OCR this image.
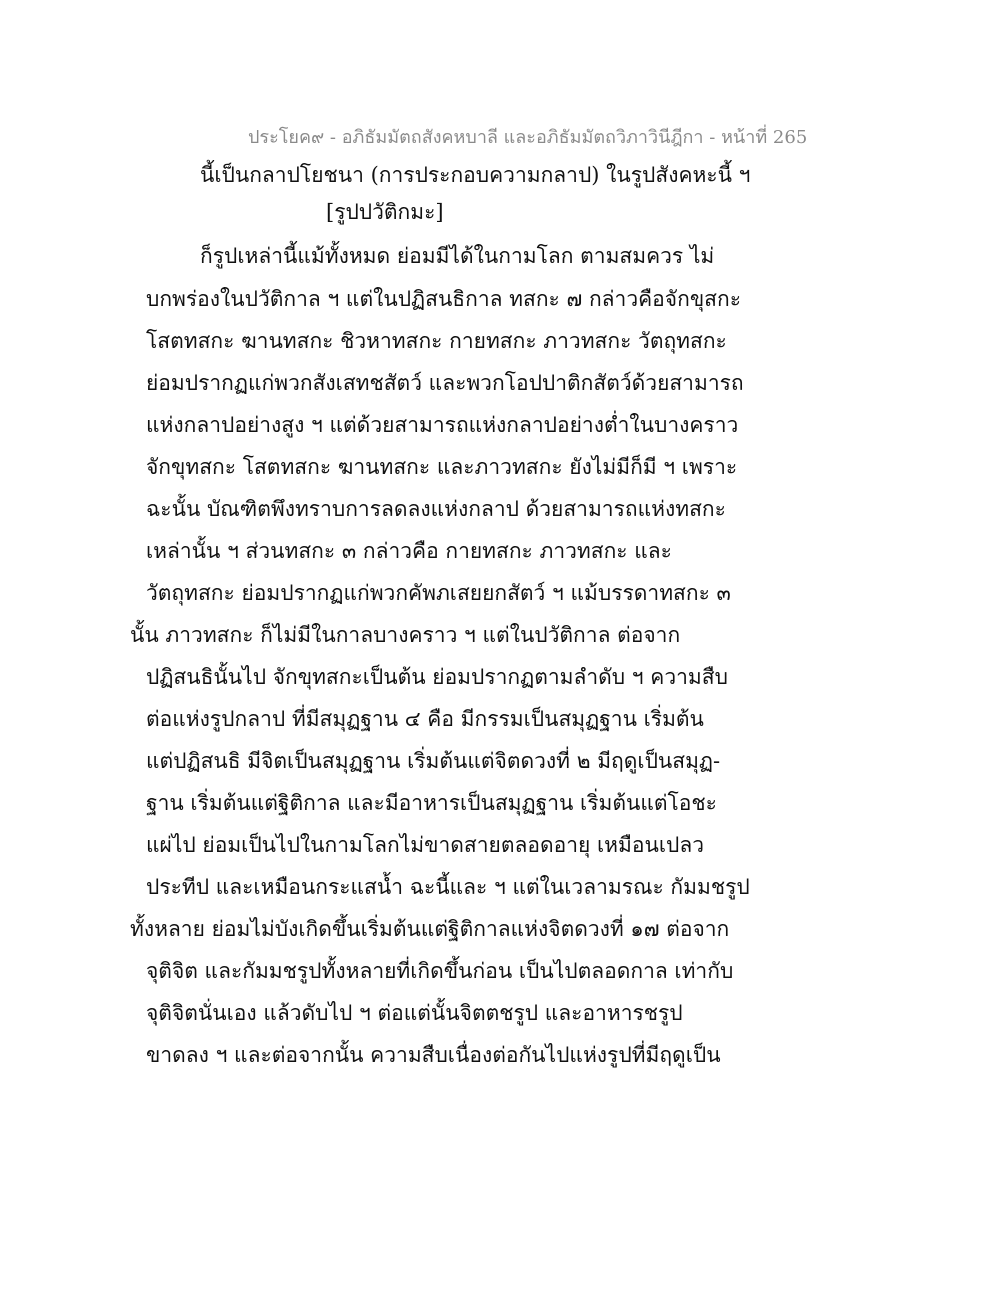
ประโยค๙ - อภิธัมมัตถสังคหบาลี และอภิธัมมัตถวิภาวินีฎีกา - หน้าที่ 265
นี้เป็นกลาปโยชนา (การประกอบความกลาป) ในรูปสังคหะนี้ ฯ
[รูปปวัติกมะ]
ก็รูปเหล่านี้แม้ทั้งหมด ย่อมมีได้ในกามโลก ตามสมควร ไม่
บกพร่องในปวัติกาล ฯ แต่ในปฏิสนธิกาล ทสกะ ๗ กล่าวคือจักขุสกะ
โสตทสกะ ฆานทสกะ ชิวหาทสกะ กายทสกะ ภาวทสกะ วัตถุทสกะ
ย่อมปรากฏแก่พวกสังเสทชสัตว์ และพวกโอปปาติกสัตว์ด้วยสามารถ
แห่งกลาปอย่างสูง ฯ แต่ด้วยสามารถแห่งกลาปอย่างต่ำในบางคราว
จักขุทสกะ โสตทสกะ ฆานทสกะ และภาวทสกะ ยังไม่มีก็มี ฯ เพราะ
ฉะนั้น บัณฑิตพึงทราบการลดลงแห่งกลาป ด้วยสามารถแห่งทสกะ
เหล่านั้น ฯ ส่วนทสกะ ๓ กล่าวคือ กายทสกะ ภาวทสกะ และ
วัตถุทสกะ ย่อมปรากฏแก่พวกคัพภเสยยกสัตว์ ฯ แม้บรรดาทสกะ ๓
นั้น ภาวทสกะ ก็ไม่มีในกาลบางคราว ฯ แต่ในปวัติกาล ต่อจาก
ปฏิสนธินั้นไป จักขุทสกะเป็นต้น ย่อมปรากฏตามลำดับ ฯ ความสืบ
ต่อแห่งรูปกลาป ที่มีสมุฏฐาน ๔ คือ มีกรรมเป็นสมุฏฐาน เริ่มต้น
แต่ปฏิสนธิ มีจิตเป็นสมุฏฐาน เริ่มต้นแต่จิตดวงที่ ๒ มีฤดูเป็นสมุฏ-
ฐาน เริ่มต้นแต่ฐิติกาล และมีอาหารเป็นสมุฏฐาน เริ่มต้นแต่โอชะ
แผ่ไป ย่อมเป็นไปในกามโลกไม่ขาดสายตลอดอายุ เหมือนเปลว
ประทีป และเหมือนกระแสน้ำ ฉะนี้และ ฯ แต่ในเวลามรณะ กัมมชรูป
ทั้งหลาย ย่อมไม่บังเกิดขึ้นเริ่มต้นแต่ฐิติกาลแห่งจิตดวงที่ ๑๗ ต่อจาก
จุติจิต และกัมมชรูปทั้งหลายที่เกิดขึ้นก่อน เป็นไปตลอดกาล เท่ากับ
จุติจิตนั่นเอง แล้วดับไป ฯ ต่อแต่นั้นจิตตชรูป และอาหารชรูป
ขาดลง ฯ และต่อจากนั้น ความสืบเนื่องต่อกันไปแห่งรูปที่มีฤดูเป็น
